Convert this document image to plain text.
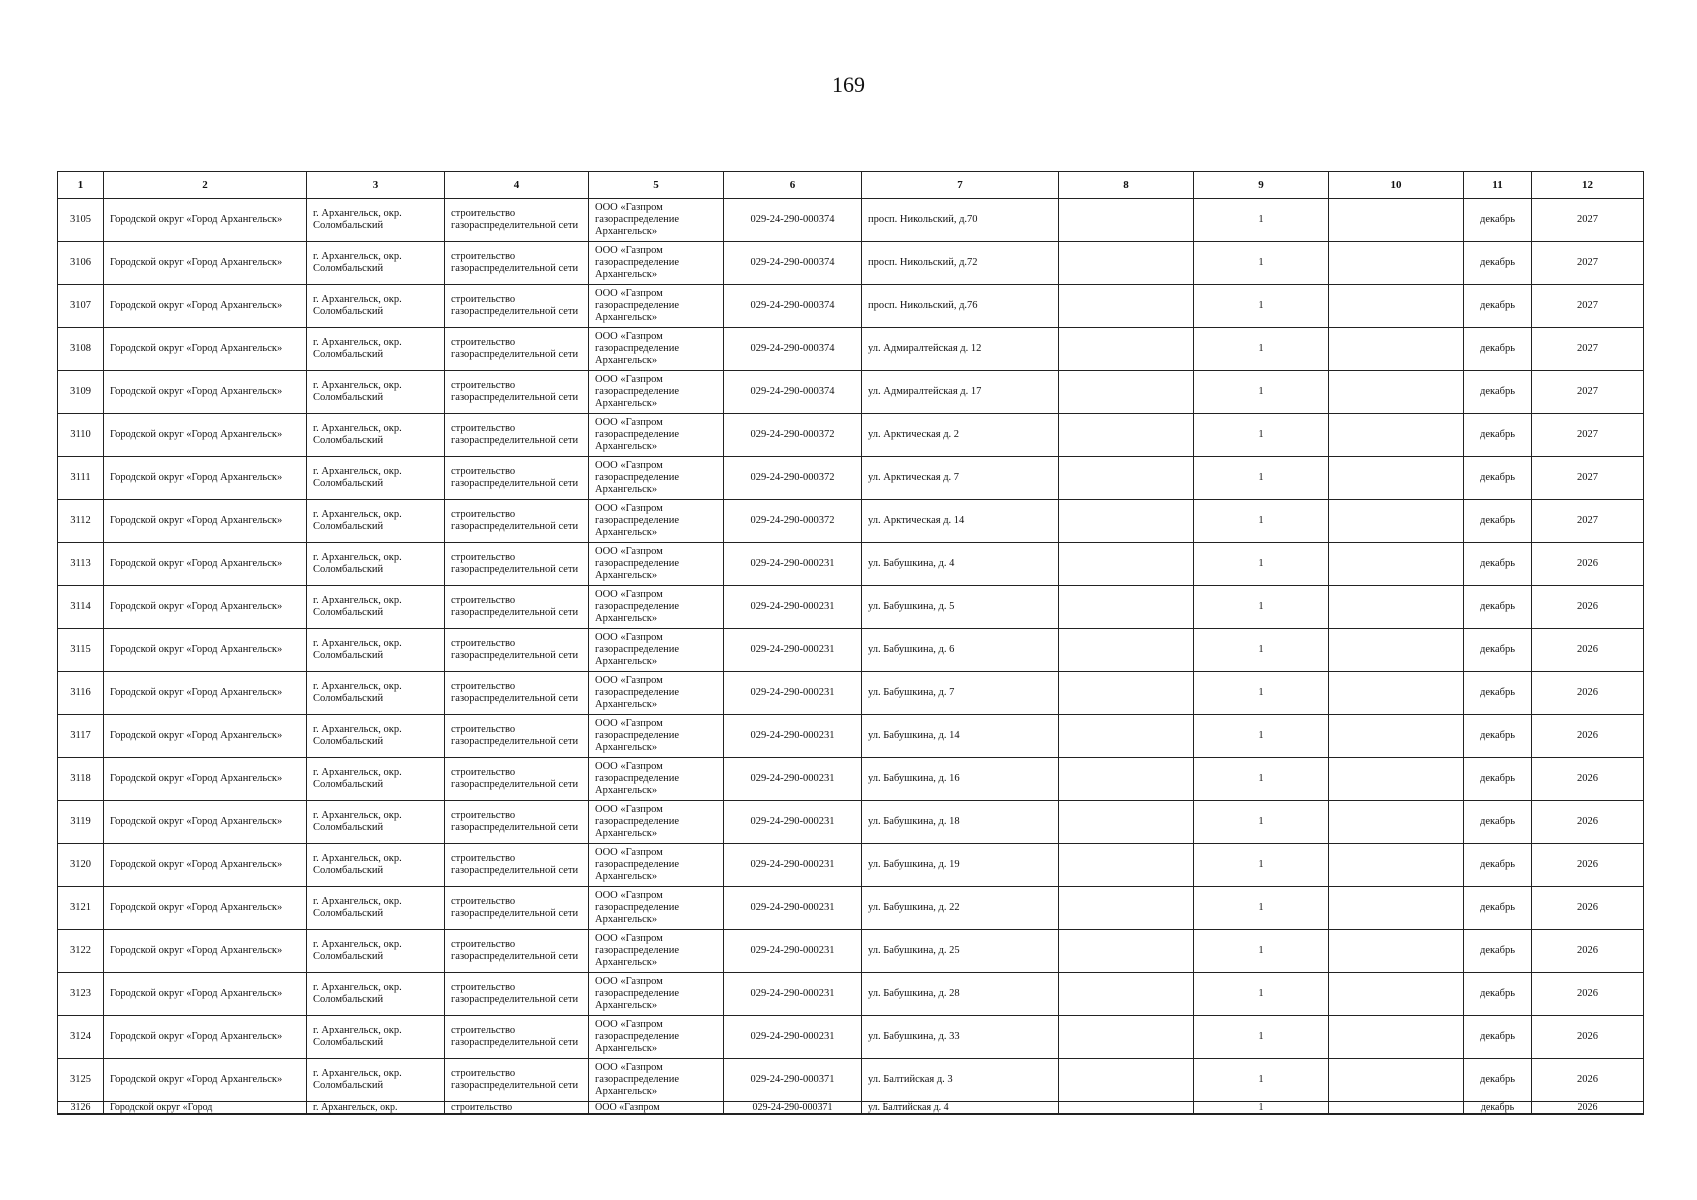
169
1	2	3	4	5	6	7	8	9	10	11	12
3105	Городской округ «Город Архангельск»	г. Архангельск, окр. Соломбальский	строительство газораспределительной сети	ООО «Газпром газораспределение Архангельск»	029-24-290-000374	просп. Никольский, д.70		1		декабрь	2027
3106	Городской округ «Город Архангельск»	г. Архангельск, окр. Соломбальский	строительство газораспределительной сети	ООО «Газпром газораспределение Архангельск»	029-24-290-000374	просп. Никольский, д.72		1		декабрь	2027
3107	Городской округ «Город Архангельск»	г. Архангельск, окр. Соломбальский	строительство газораспределительной сети	ООО «Газпром газораспределение Архангельск»	029-24-290-000374	просп. Никольский, д.76		1		декабрь	2027
3108	Городской округ «Город Архангельск»	г. Архангельск, окр. Соломбальский	строительство газораспределительной сети	ООО «Газпром газораспределение Архангельск»	029-24-290-000374	ул. Адмиралтейская д. 12		1		декабрь	2027
3109	Городской округ «Город Архангельск»	г. Архангельск, окр. Соломбальский	строительство газораспределительной сети	ООО «Газпром газораспределение Архангельск»	029-24-290-000374	ул. Адмиралтейская д. 17		1		декабрь	2027
3110	Городской округ «Город Архангельск»	г. Архангельск, окр. Соломбальский	строительство газораспределительной сети	ООО «Газпром газораспределение Архангельск»	029-24-290-000372	ул. Арктическая д. 2		1		декабрь	2027
3111	Городской округ «Город Архангельск»	г. Архангельск, окр. Соломбальский	строительство газораспределительной сети	ООО «Газпром газораспределение Архангельск»	029-24-290-000372	ул. Арктическая д. 7		1		декабрь	2027
3112	Городской округ «Город Архангельск»	г. Архангельск, окр. Соломбальский	строительство газораспределительной сети	ООО «Газпром газораспределение Архангельск»	029-24-290-000372	ул. Арктическая д. 14		1		декабрь	2027
3113	Городской округ «Город Архангельск»	г. Архангельск, окр. Соломбальский	строительство газораспределительной сети	ООО «Газпром газораспределение Архангельск»	029-24-290-000231	ул. Бабушкина, д. 4		1		декабрь	2026
3114	Городской округ «Город Архангельск»	г. Архангельск, окр. Соломбальский	строительство газораспределительной сети	ООО «Газпром газораспределение Архангельск»	029-24-290-000231	ул. Бабушкина, д. 5		1		декабрь	2026
3115	Городской округ «Город Архангельск»	г. Архангельск, окр. Соломбальский	строительство газораспределительной сети	ООО «Газпром газораспределение Архангельск»	029-24-290-000231	ул. Бабушкина, д. 6		1		декабрь	2026
3116	Городской округ «Город Архангельск»	г. Архангельск, окр. Соломбальский	строительство газораспределительной сети	ООО «Газпром газораспределение Архангельск»	029-24-290-000231	ул. Бабушкина, д. 7		1		декабрь	2026
3117	Городской округ «Город Архангельск»	г. Архангельск, окр. Соломбальский	строительство газораспределительной сети	ООО «Газпром газораспределение Архангельск»	029-24-290-000231	ул. Бабушкина, д. 14		1		декабрь	2026
3118	Городской округ «Город Архангельск»	г. Архангельск, окр. Соломбальский	строительство газораспределительной сети	ООО «Газпром газораспределение Архангельск»	029-24-290-000231	ул. Бабушкина, д. 16		1		декабрь	2026
3119	Городской округ «Город Архангельск»	г. Архангельск, окр. Соломбальский	строительство газораспределительной сети	ООО «Газпром газораспределение Архангельск»	029-24-290-000231	ул. Бабушкина, д. 18		1		декабрь	2026
3120	Городской округ «Город Архангельск»	г. Архангельск, окр. Соломбальский	строительство газораспределительной сети	ООО «Газпром газораспределение Архангельск»	029-24-290-000231	ул. Бабушкина, д. 19		1		декабрь	2026
3121	Городской округ «Город Архангельск»	г. Архангельск, окр. Соломбальский	строительство газораспределительной сети	ООО «Газпром газораспределение Архангельск»	029-24-290-000231	ул. Бабушкина, д. 22		1		декабрь	2026
3122	Городской округ «Город Архангельск»	г. Архангельск, окр. Соломбальский	строительство газораспределительной сети	ООО «Газпром газораспределение Архангельск»	029-24-290-000231	ул. Бабушкина, д. 25		1		декабрь	2026
3123	Городской округ «Город Архангельск»	г. Архангельск, окр. Соломбальский	строительство газораспределительной сети	ООО «Газпром газораспределение Архангельск»	029-24-290-000231	ул. Бабушкина, д. 28		1		декабрь	2026
3124	Городской округ «Город Архангельск»	г. Архангельск, окр. Соломбальский	строительство газораспределительной сети	ООО «Газпром газораспределение Архангельск»	029-24-290-000231	ул. Бабушкина, д. 33		1		декабрь	2026
3125	Городской округ «Город Архангельск»	г. Архангельск, окр. Соломбальский	строительство газораспределительной сети	ООО «Газпром газораспределение Архангельск»	029-24-290-000371	ул. Балтийская д. 3		1		декабрь	2026
3126	Городской округ «Город	г. Архангельск, окр.	строительство	ООО «Газпром	029-24-290-000371	ул. Балтийская д. 4		1		декабрь	2026
